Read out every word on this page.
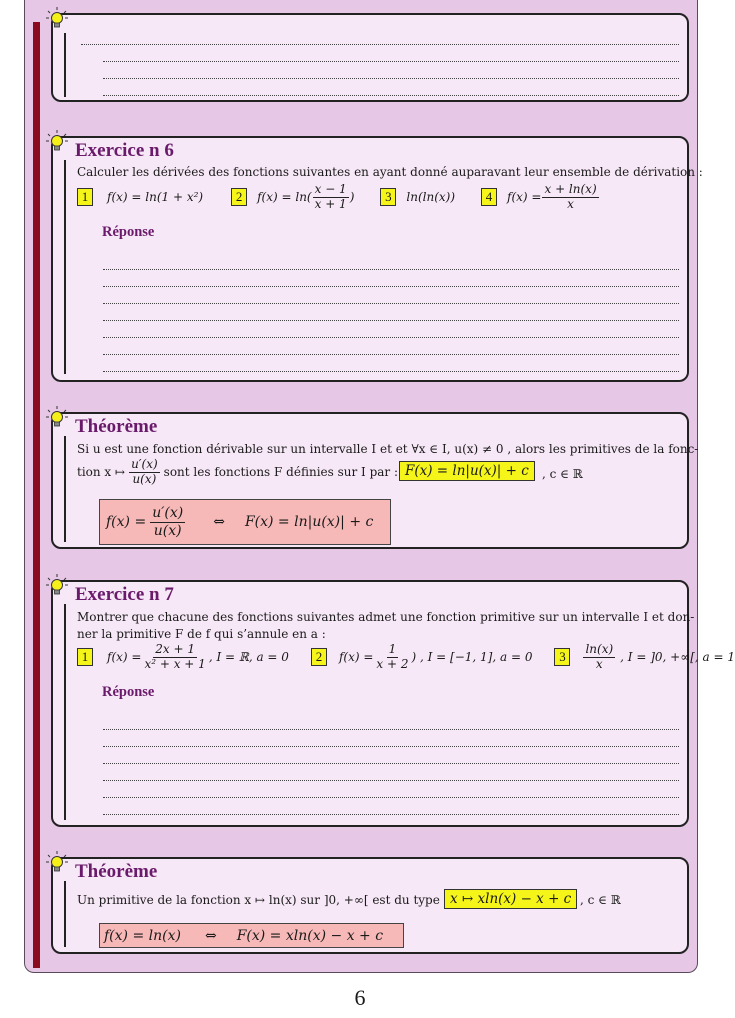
Exercice n 6
Calculer les dérivées des fonctions suivantes en ayant donné auparavant leur ensemble de dérivation :
1	f(x) = ln(1 + x²)	2	$f(x) = \ln( \frac{x - 1}{x + 1}$ )	3	ln(ln(x))	4	$f(x) = \frac{x + \ln(x)}{x}$
Réponse
Théorème
Si u est une fonction dérivable sur un intervalle I et et ∀x ∈ I, u(x) ≠ 0 , alors les primitives de la fonc-
tion x ↦ $\frac{u'(x)}{u(x)}$ sont les fonctions F définies sur I par : F(x) = ln|u(x)| + c	, c ∈ ℝ
$f(x) = \frac{u'(x)}{u(x)}$ ⇔ F(x) = ln|u(x)| + c
Exercice n 7
Montrer que chacune des fonctions suivantes admet une fonction primitive sur un intervalle I et don-
ner la primitive F de f qui s’annule en a :
1	$f(x) = \frac{2x + 1}{\text{x² + x + 1}}$ , I = ℝ, a = 0	2	$f(x) = \frac{1}{x + 2}$ ) , I = [−1, 1], a = 0	3	$\frac{\ln(x)}{x}$ , I = ]0, +∞[, a = 1
Réponse
Théorème
Un primitive de la fonction x ↦ ln(x) sur ]0, +∞[ est du type x ↦ xln(x) − x + c , c ∈ ℝ
f(x) = ln(x) ⇔ F(x) = xln(x) − x + c
6
